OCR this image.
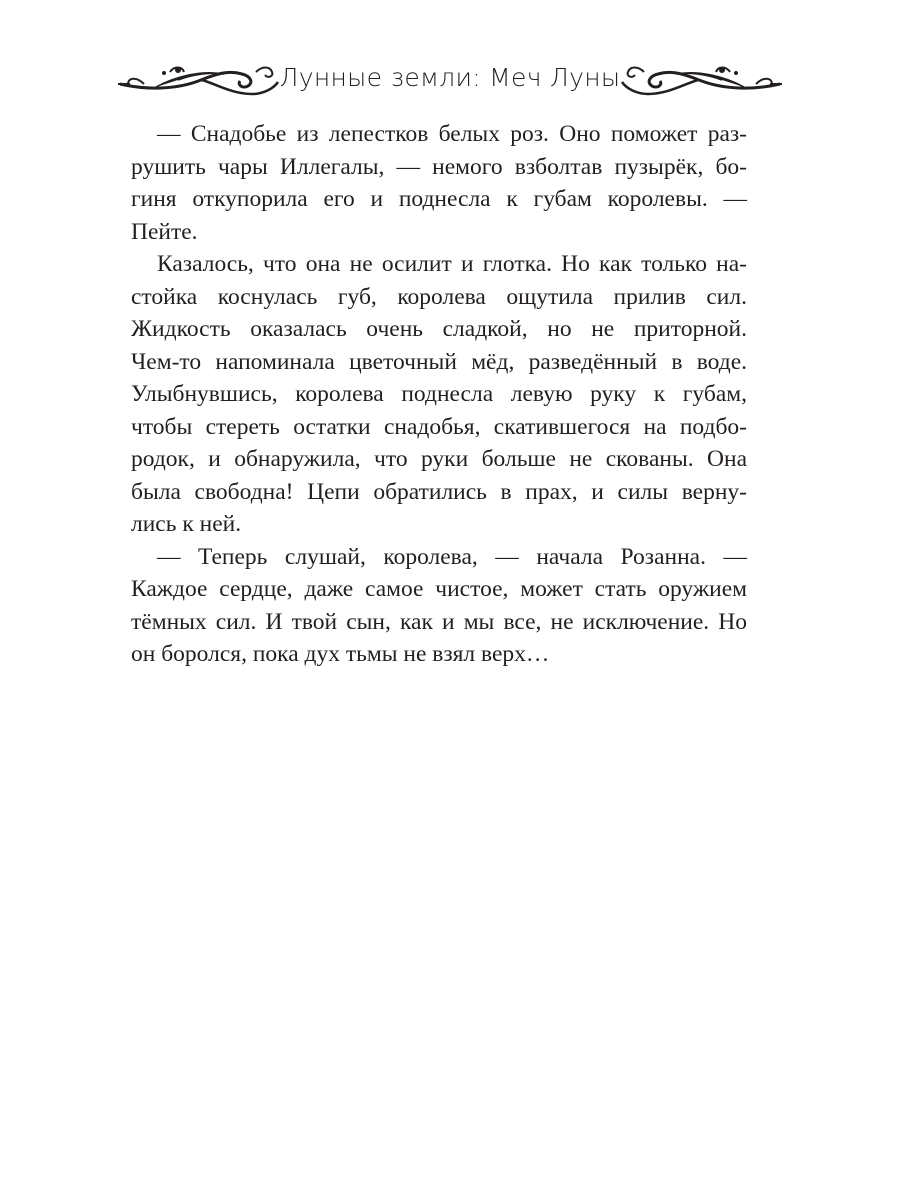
Лунные земли: Меч Луны
— Снадобье из лепестков белых роз. Оно поможет раз-
рушить чары Иллегалы, — немого взболтав пузырёк, бо-
гиня откупорила его и поднесла к губам королевы. —
Пейте.
Казалось, что она не осилит и глотка. Но как только на-
стойка коснулась губ, королева ощутила прилив сил.
Жидкость оказалась очень сладкой, но не приторной.
Чем-то напоминала цветочный мёд, разведённый в воде.
Улыбнувшись, королева поднесла левую руку к губам,
чтобы стереть остатки снадобья, скатившегося на подбо-
родок, и обнаружила, что руки больше не скованы. Она
была свободна! Цепи обратились в прах, и силы верну-
лись к ней.
— Теперь слушай, королева, — начала Розанна. —
Каждое сердце, даже самое чистое, может стать оружием
тёмных сил. И твой сын, как и мы все, не исключение. Но
он боролся, пока дух тьмы не взял верх…
